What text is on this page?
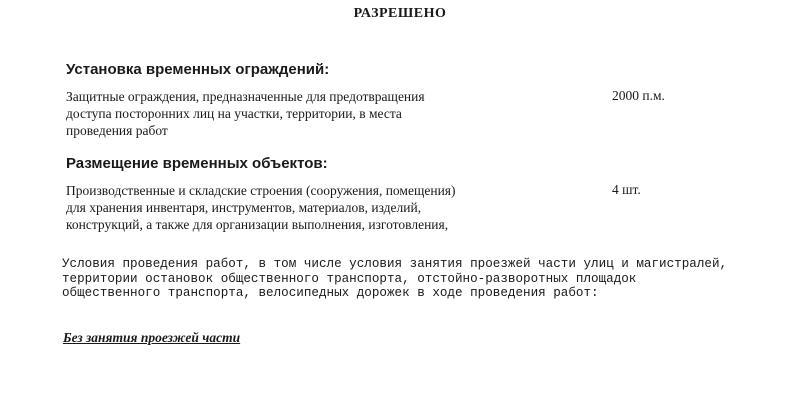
РАЗРЕШЕНО
Установка временных ограждений:
Защитные ограждения, предназначенные для предотвращения
доступа посторонних лиц на участки, территории, в места
проведения работ
2000 п.м.
Размещение временных объектов:
Производственные и складские строения (сооружения, помещения)
для хранения инвентаря, инструментов, материалов, изделий,
конструкций, а также для организации выполнения, изготовления,
4 шт.
Условия проведения работ, в том числе условия занятия проезжей части улиц и магистралей,
территории остановок общественного транспорта, отстойно-разворотных площадок
общественного транспорта, велосипедных дорожек в ходе проведения работ:
Без занятия проезжей части
